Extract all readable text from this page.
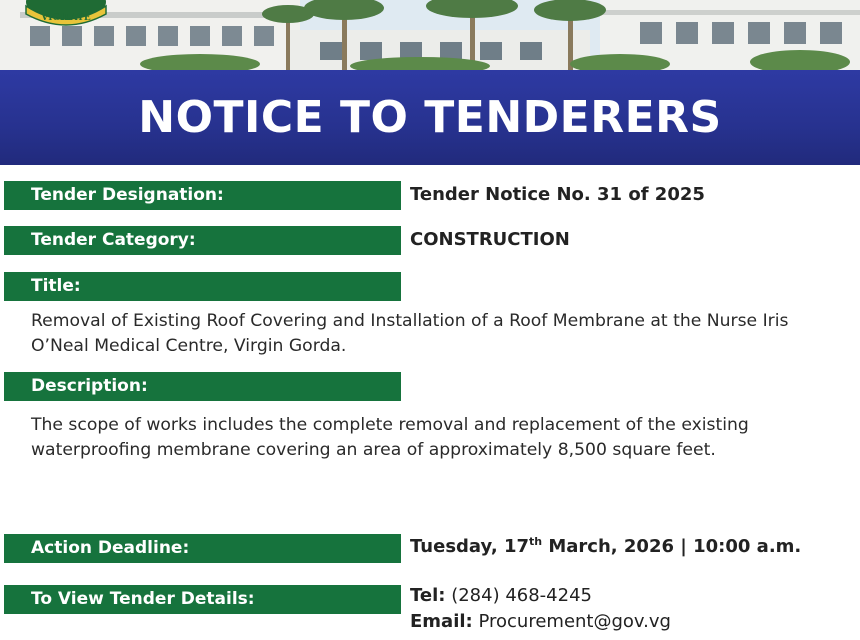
VIGILATE
NOTICE TO TENDERERS
Tender Designation:	Tender Notice No. 31 of 2025
Tender Category:	CONSTRUCTION
Title:
Removal of Existing Roof Covering and Installation of a Roof Membrane at the Nurse Iris O’Neal Medical Centre, Virgin Gorda.
Description:
The scope of works includes the complete removal and replacement of the existing waterproofing membrane covering an area of approximately 8,500 square feet.
Action Deadline:	Tuesday, 17th March, 2026 | 10:00 a.m.
To View Tender Details:	Tel: (284) 468-4245
Email: Procurement@gov.vg
